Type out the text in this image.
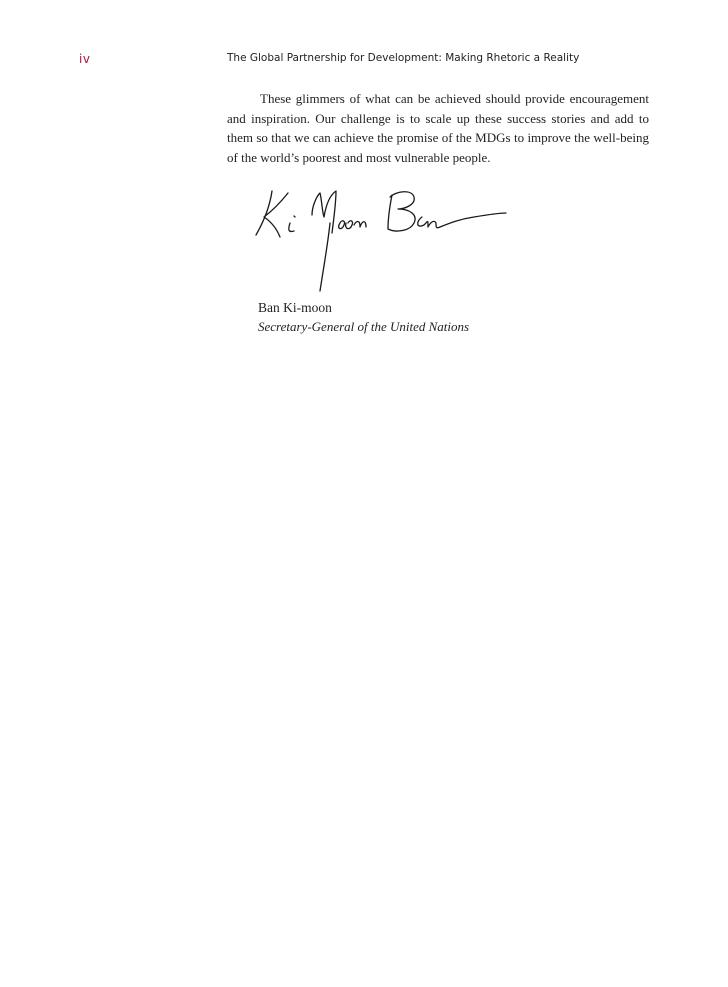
iv	The Global Partnership for Development: Making Rhetoric a Reality

These glimmers of what can be achieved should provide encouragement and inspiration. Our challenge is to scale up these success stories and add to them so that we can achieve the promise of the MDGs to improve the well-being of the world’s poorest and most vulnerable people.

Ban Ki-moon
Secretary-General of the United Nations
